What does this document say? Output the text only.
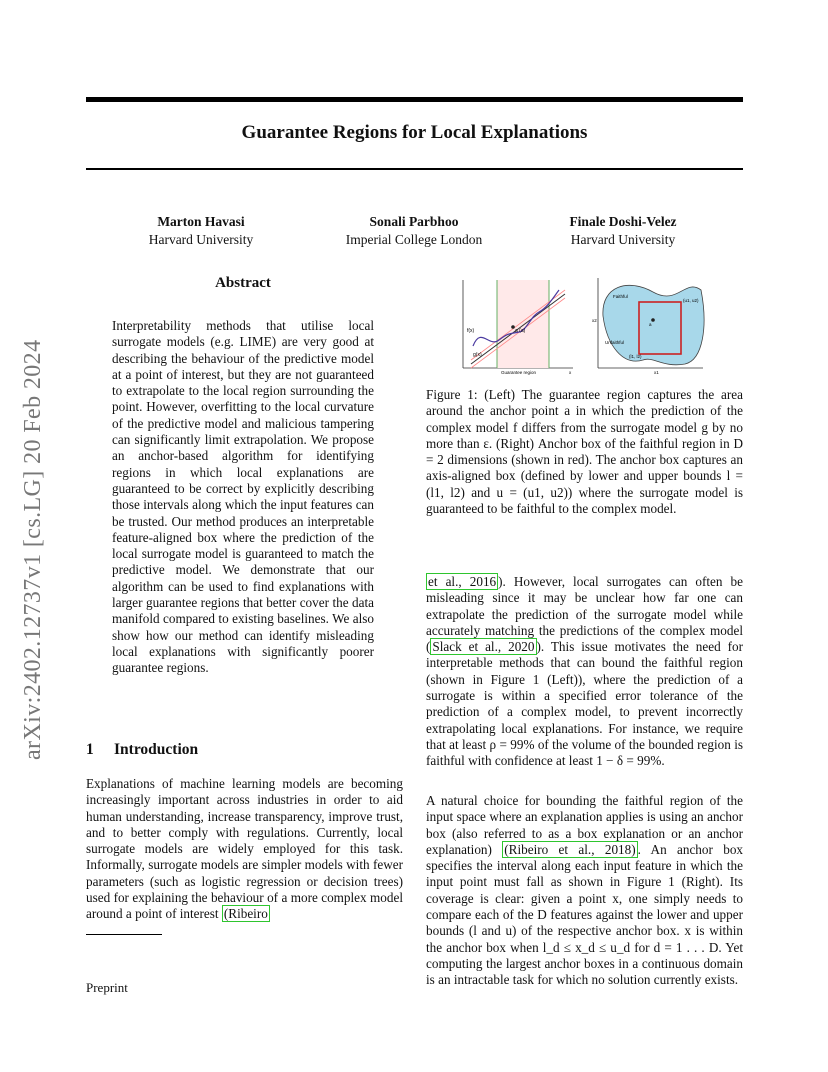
arXiv:2402.12737v1 [cs.LG] 20 Feb 2024
Guarantee Regions for Local Explanations
Marton Havasi
Harvard University
Sonali Parbhoo
Imperial College London
Finale Doshi-Velez
Harvard University
Abstract
Interpretability methods that utilise local surrogate models (e.g. LIME) are very good at describing the behaviour of the predictive model at a point of interest, but they are not guaranteed to extrapolate to the local region surrounding the point. However, overfitting to the local curvature of the predictive model and malicious tampering can significantly limit extrapolation. We propose an anchor-based algorithm for identifying regions in which local explanations are guaranteed to be correct by explicitly describing those intervals along which the input features can be trusted. Our method produces an interpretable feature-aligned box where the prediction of the local surrogate model is guaranteed to match the predictive model. We demonstrate that our algorithm can be used to find explanations with larger guarantee regions that better cover the data manifold compared to existing baselines. We also show how our method can identify misleading local explanations with significantly poorer guarantee regions.
1 Introduction
Explanations of machine learning models are becoming increasingly important across industries in order to aid human understanding, increase transparency, improve trust, and to better comply with regulations. Currently, local surrogate models are widely employed for this task. Informally, surrogate models are simpler models with fewer parameters (such as logistic regression or decision trees) used for explaining the behaviour of a more complex model around a point of interest (Ribeiro
Preprint
f(x)
g(x)
a (a)
Guarantee region	x
Faithful
Unfaithful
(u1, u2)
(l1, l2)
a
x1
x2
Figure 1: (Left) The guarantee region captures the area around the anchor point a in which the prediction of the complex model f differs from the surrogate model g by no more than ε. (Right) Anchor box of the faithful region in D = 2 dimensions (shown in red). The anchor box captures an axis-aligned box (defined by lower and upper bounds l = (l1, l2) and u = (u1, u2)) where the surrogate model is guaranteed to be faithful to the complex model.
et al., 2016 ). However, local surrogates can often be misleading since it may be unclear how far one can extrapolate the prediction of the surrogate model while accurately matching the predictions of the complex model ( Slack et al., 2020 ). This issue motivates the need for interpretable methods that can bound the faithful region (shown in Figure 1 (Left)), where the prediction of a surrogate is within a specified error tolerance of the prediction of a complex model, to prevent incorrectly extrapolating local explanations. For instance, we require that at least ρ = 99% of the volume of the bounded region is faithful with confidence at least 1 − δ = 99%.
A natural choice for bounding the faithful region of the input space where an explanation applies is using an anchor box (also referred to as a box explanation or an anchor explanation) (Ribeiro et al., 2018) . An anchor box specifies the interval along each input feature in which the input point must fall as shown in Figure 1 (Right). Its coverage is clear: given a point x, one simply needs to compare each of the D features against the lower and upper bounds (l and u) of the respective anchor box. x is within the anchor box when l_d ≤ x_d ≤ u_d for d = 1 . . . D. Yet computing the largest anchor boxes in a continuous domain is an intractable task for which no solution currently exists.
